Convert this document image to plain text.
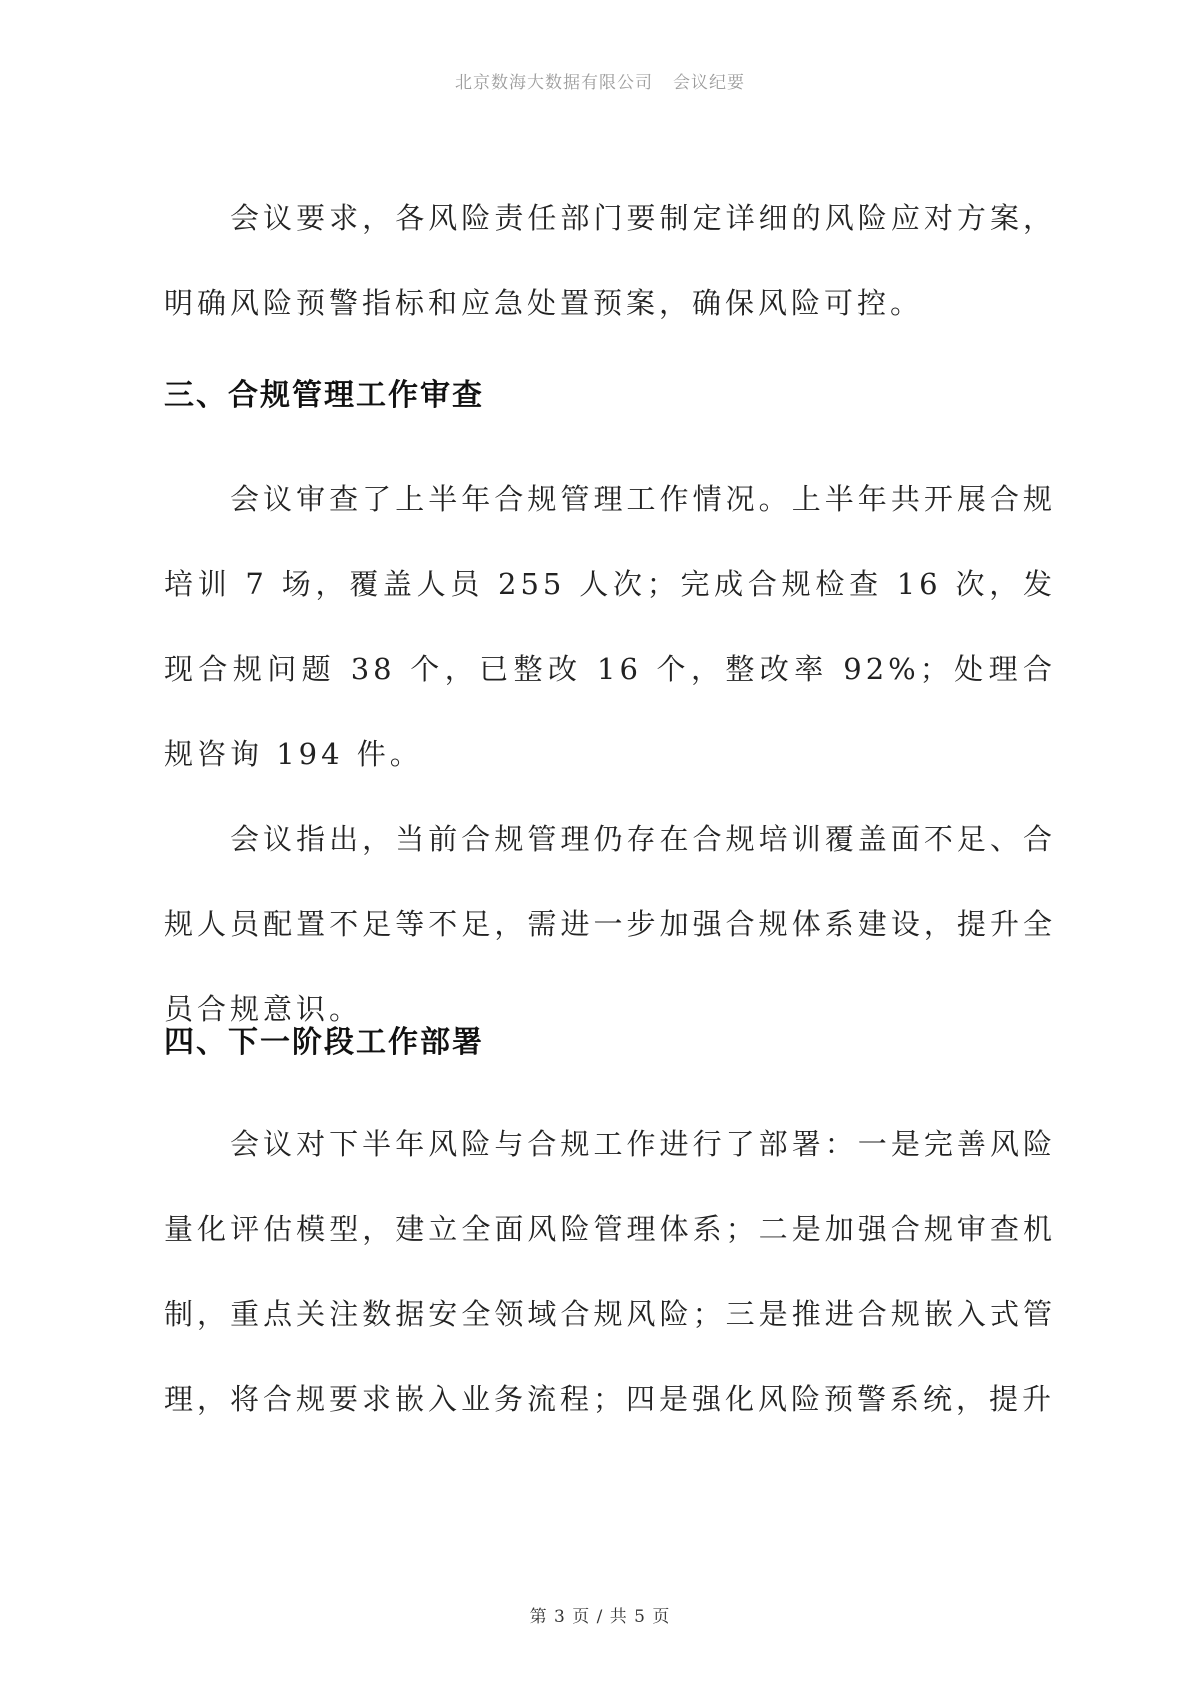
北京数海大数据有限公司 会议纪要

会议要求，各风险责任部门要制定详细的风险应对方案，明确风险预警指标和应急处置预案，确保风险可控。

三、合规管理工作审查

会议审查了上半年合规管理工作情况。上半年共开展合规培训 7 场，覆盖人员 255 人次；完成合规检查 16 次，发现合规问题 38 个，已整改 16 个，整改率 92%；处理合规咨询 194 件。

会议指出，当前合规管理仍存在合规培训覆盖面不足、合规人员配置不足等不足，需进一步加强合规体系建设，提升全员合规意识。

四、下一阶段工作部署

会议对下半年风险与合规工作进行了部署：一是完善风险量化评估模型，建立全面风险管理体系；二是加强合规审查机制，重点关注数据安全领域合规风险；三是推进合规嵌入式管理，将合规要求嵌入业务流程；四是强化风险预警系统，提升

第 3 页 / 共 5 页
